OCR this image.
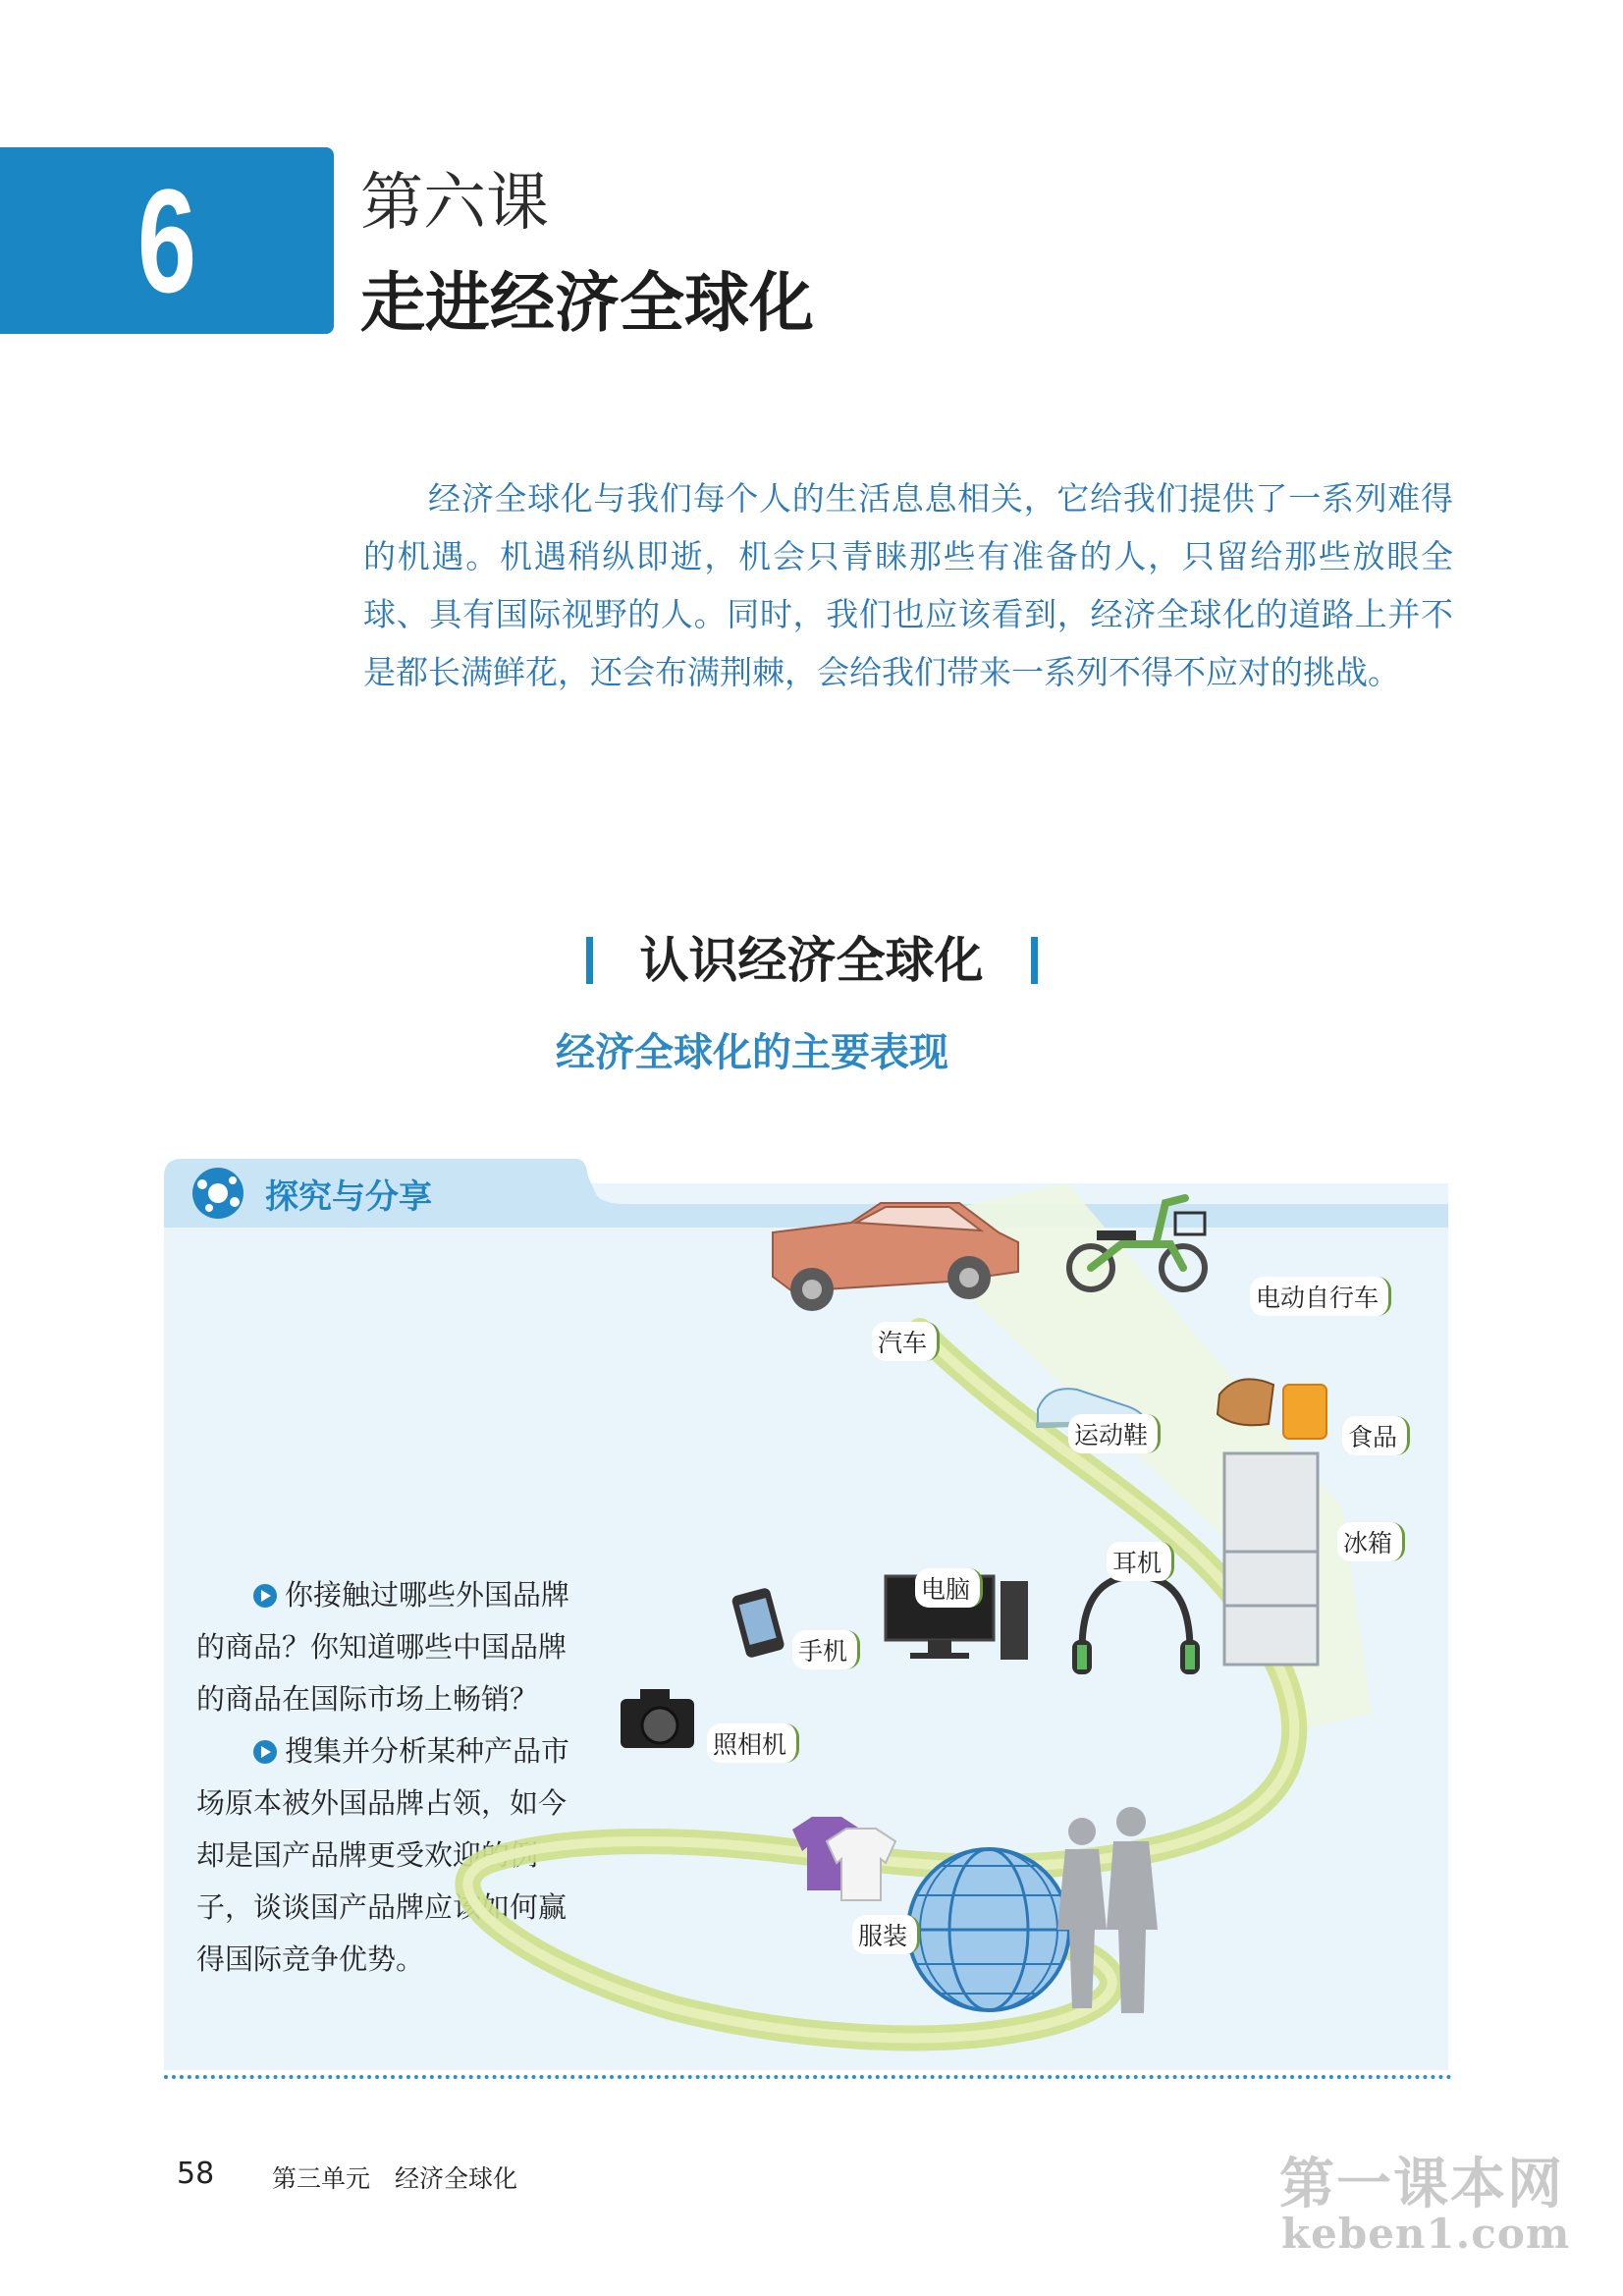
6	第六课
走进经济全球化

经济全球化与我们每个人的生活息息相关，它给我们提供了一系列难得的机遇。机遇稍纵即逝，机会只青睐那些有准备的人，只留给那些放眼全球、具有国际视野的人。同时，我们也应该看到，经济全球化的道路上并不是都长满鲜花，还会布满荆棘，会给我们带来一系列不得不应对的挑战。

认识经济全球化
经济全球化的主要表现
探究与分享

你接触过哪些外国品牌的商品？你知道哪些中国品牌的商品在国际市场上畅销？

搜集并分析某种产品市场原本被外国品牌占领，如今却是国产品牌更受欢迎的例子，谈谈国产品牌应该如何赢得国际竞争优势。

汽车
电动自行车
运动鞋	食品
冰箱
耳机
电脑
手机
照相机
服装
58 第三单元 经济全球化	第一课本网
keben1.com
